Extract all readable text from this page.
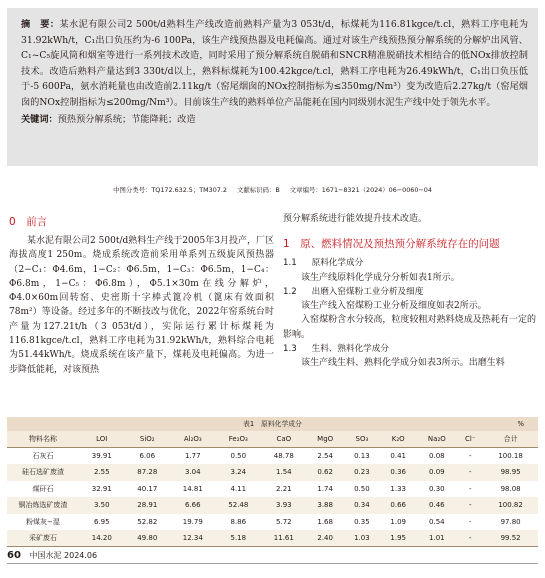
摘　要：某水泥有限公司2 500t/d熟料生产线改造前熟料产量为3 053t/d，标煤耗为116.81kgce/t.cl，熟料工序电耗为31.92kWh/t，C₁出口负压约为-6 100Pa，该生产线预热器及电耗偏高。通过对该生产线预热预分解系统的分解炉出风管、C₁~C₅旋风筒和烟室等进行一系列技术改造，同时采用了预分解系统自脱硝和SNCR精准脱硝技术相结合的低NOx排放控制技术。改造后熟料产量达到3 330t/d以上，熟料标煤耗为100.42kgce/t.cl，熟料工序电耗为26.49kWh/t，C₁出口负压低于-5 600Pa，氨水消耗量也由改造前2.11kg/t（窑尾烟囱的NOx控制指标为≤350mg/Nm³）变为改造后2.27kg/t（窑尾烟囱的NOx控制指标为≤200mg/Nm³）。目前该生产线的熟料单位产品能耗在国内同级别水泥生产线中处于领先水平。

关键词：预热预分解系统；节能降耗；改造

中图分类号：TQ172.632.5；TM307.2 文献标识码：B 文章编号：1671−8321（2024）06−0060−04
0　 前言

某水泥有限公司2 500t/d熟料生产线于2005年3月投产，厂区海拔高度1 250m。烧成系统改造前采用单系列五级旋风预热器（2−C₁：Φ4.6m，1−C₂：Φ6.5m，1−C₃：Φ6.5m，1−C₄：Φ6.8m，1−C₅：Φ6.8m），Φ5.1×30m在线分解炉，Φ4.0×60m回转窑、史密斯十字棒式篦冷机（篦床有效面积78m²）等设备。经过多年的不断技改与优化，2022年窑系统台时产量为127.21t/h（3 053t/d），实际运行累计标煤耗为116.81kgce/t.cl，熟料工序电耗为31.92kWh/t，熟料综合电耗为51.44kWh/t。烧成系统在该产量下，煤耗及电耗偏高。为进一步降低能耗，对该预热

预分解系统进行能效提升技术改造。

1　 原、燃料情况及预热预分解系统存在的问题
1.1　 原料化学成分

该生产线原料化学成分分析如表1所示。

1.2　 出磨入窑煤粉工业分析及细度

该生产线入窑煤粉工业分析及细度如表2所示。

入窑煤粉含水分较高，粒度较粗对熟料烧成及热耗有一定的影响。

1.3　 生料、熟料化学成分

该生产线生料、熟料化学成分如表3所示。出磨生料

表1　原料化学成分	%
物料名称	LOI	SiO₂	Al₂O₃	Fe₂O₃	CaO	MgO	SO₃	K₂O	Na₂O	Cl⁻	合计
石灰石	39.91	6.06	1.77	0.50	48.78	2.54	0.13	0.41	0.08	-	100.18
硅石选矿废渣	2.55	87.28	3.04	3.24	1.54	0.62	0.23	0.36	0.09	-	98.95
煤矸石	32.91	40.17	14.81	4.11	2.21	1.74	0.50	1.33	0.30	-	98.08
铜冶炼选矿废渣	3.50	28.91	6.66	52.48	3.93	3.88	0.34	0.66	0.46	-	100.82
粉煤灰−湿	6.95	52.82	19.79	8.86	5.72	1.68	0.35	1.09	0.54	-	97.80
采矿废石	14.20	49.80	12.34	5.18	11.61	2.40	1.03	1.95	1.01	-	99.52
60 中国水泥 2024.06
